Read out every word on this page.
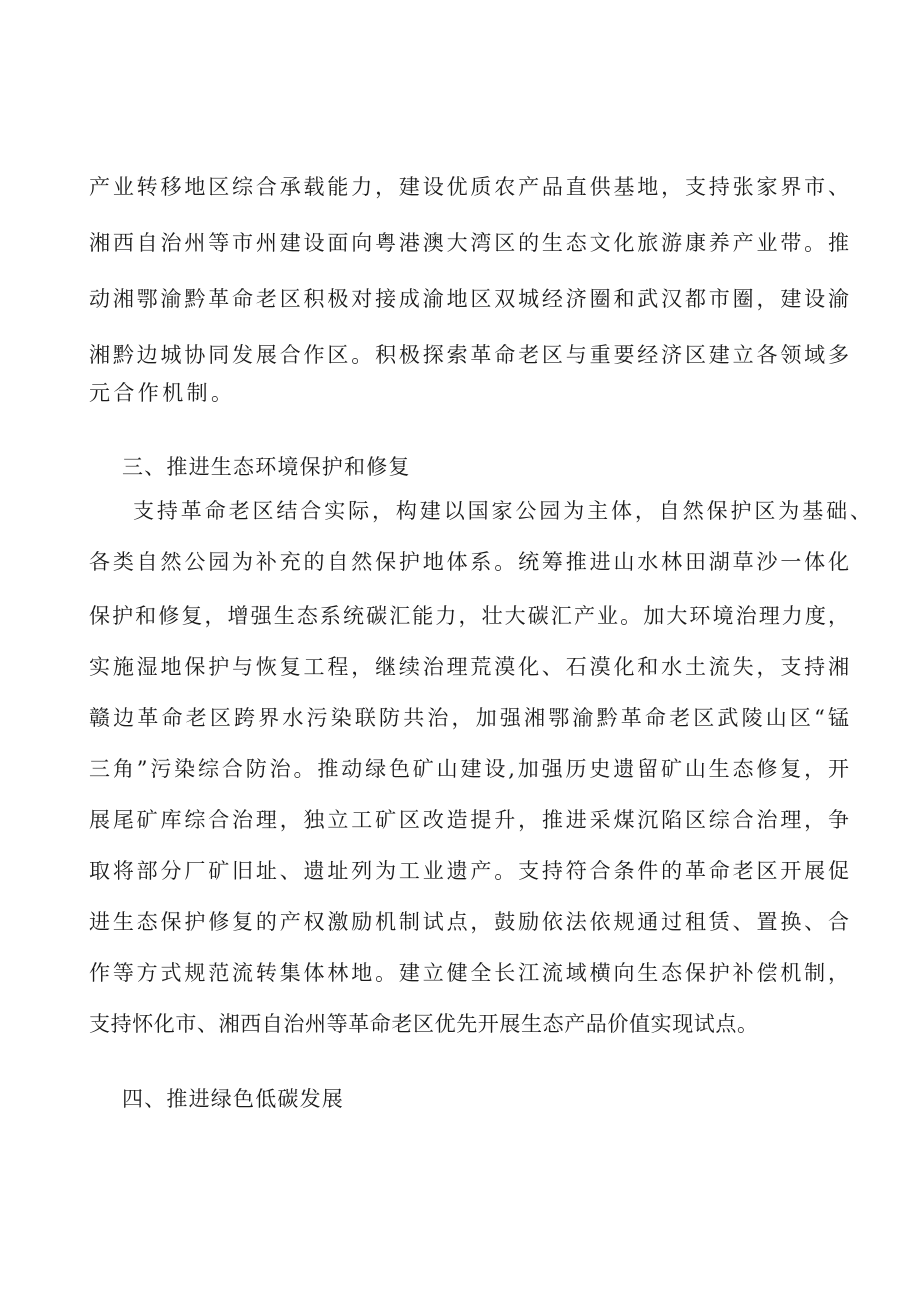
产业转移地区综合承载能力，建设优质农产品直供基地，支持张家界市、
湘西自治州等市州建设面向粤港澳大湾区的生态文化旅游康养产业带。推
动湘鄂渝黔革命老区积极对接成渝地区双城经济圈和武汉都市圈，建设渝
湘黔边城协同发展合作区。积极探索革命老区与重要经济区建立各领域多
元合作机制。
三、推进生态环境保护和修复
支持革命老区结合实际，构建以国家公园为主体，自然保护区为基础、
各类自然公园为补充的自然保护地体系。统筹推进山水林田湖草沙一体化
保护和修复，增强生态系统碳汇能力，壮大碳汇产业。加大环境治理力度，
实施湿地保护与恢复工程，继续治理荒漠化、石漠化和水土流失，支持湘
赣边革命老区跨界水污染联防共治，加强湘鄂渝黔革命老区武陵山区“锰
三角”污染综合防治。推动绿色矿山建设,加强历史遗留矿山生态修复，开
展尾矿库综合治理，独立工矿区改造提升，推进采煤沉陷区综合治理，争
取将部分厂矿旧址、遗址列为工业遗产。支持符合条件的革命老区开展促
进生态保护修复的产权激励机制试点，鼓励依法依规通过租赁、置换、合
作等方式规范流转集体林地。建立健全长江流域横向生态保护补偿机制，
支持怀化市、湘西自治州等革命老区优先开展生态产品价值实现试点。
四、推进绿色低碳发展
